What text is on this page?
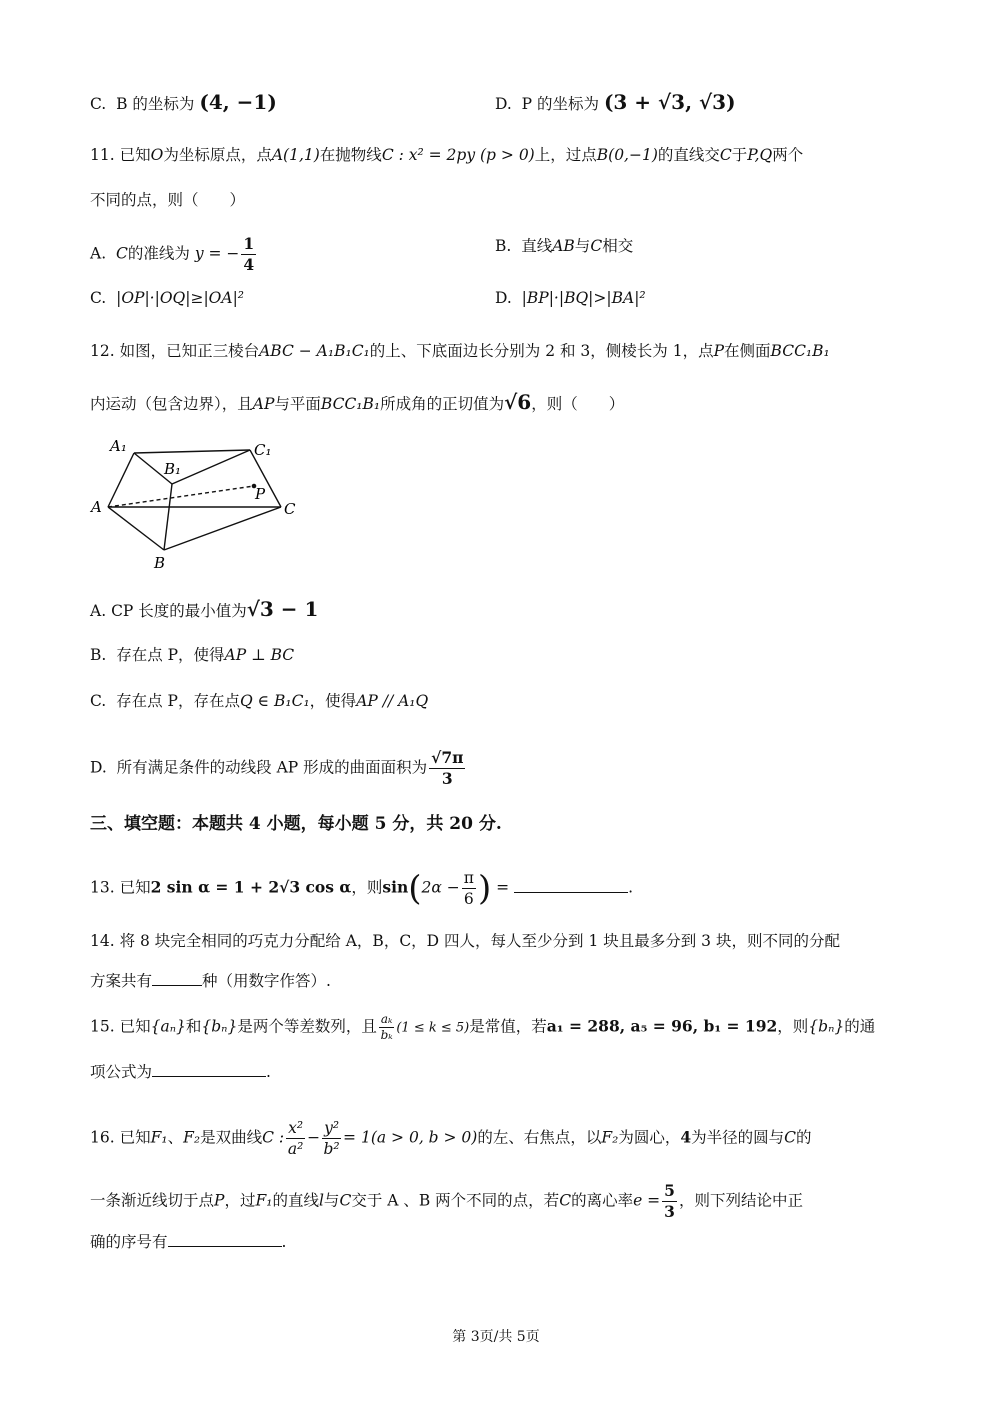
C. B 的坐标为 (4, −1)	D. P 的坐标为 (3 + √3, √3)
11. 已知O为坐标原点，点A(1,1)在抛物线C : x² = 2py (p > 0)上，过点B(0,−1)的直线交C于P,Q两个
不同的点，则（　　）
A. C的准线为 y = − $\frac{1}{4}$	B. 直线AB与C相交
C. |OP|·|OQ|≥|OA|²	D. |BP|·|BQ|>|BA|²
12. 如图，已知正三棱台ABC − A₁B₁C₁的上、下底面边长分别为 2 和 3，侧棱长为 1，点P在侧面BCC₁B₁
内运动（包含边界），且AP与平面BCC₁B₁所成角的正切值为√6，则（　　）
A₁
B₁
C₁
A
B
C
P
A. CP 长度的最小值为√3 − 1
B. 存在点 P，使得AP ⊥ BC
C. 存在点 P，存在点Q ∈ B₁C₁，使得AP // A₁Q
D. 所有满足条件的动线段 AP 形成的曲面面积为 $\frac{√7\pi}{3}$
三、填空题：本题共 4 小题，每小题 5 分，共 20 分.
13. 已知2 sin α = 1 + 2√3 cos α，则$\sin(2\alpha - \frac{\pi}{6}$ ) =	.
14. 将 8 块完全相同的巧克力分配给 A，B，C，D 四人，每人至少分到 1 块且最多分到 3 块，则不同的分配
方案共有	种（用数字作答）.
15. 已知{aₙ}和{bₙ}是两个等差数列，且 $\frac{\text{aₖ}}{\text{bₖ}} (1 \le k \le 5)$是常值，若a₁ = 288, a₅ = 96, b₁ = 192，则{bₙ}的通
项公式为	.
16. 已知F₁、F₂是双曲线C : $\frac{\text{x²}}{\text{a²}} - \frac{\text{y²}}{\text{b²}} = 1(a > 0$, b > 0)的左、右焦点，以F₂为圆心，4为半径的圆与C的
一条渐近线切于点P，过F₁的直线l与C交于 A 、B 两个不同的点，若C的离心率$e = \frac{5}{3}$ ，则下列结论中正
确的序号有	.
第 3页/共 5页
